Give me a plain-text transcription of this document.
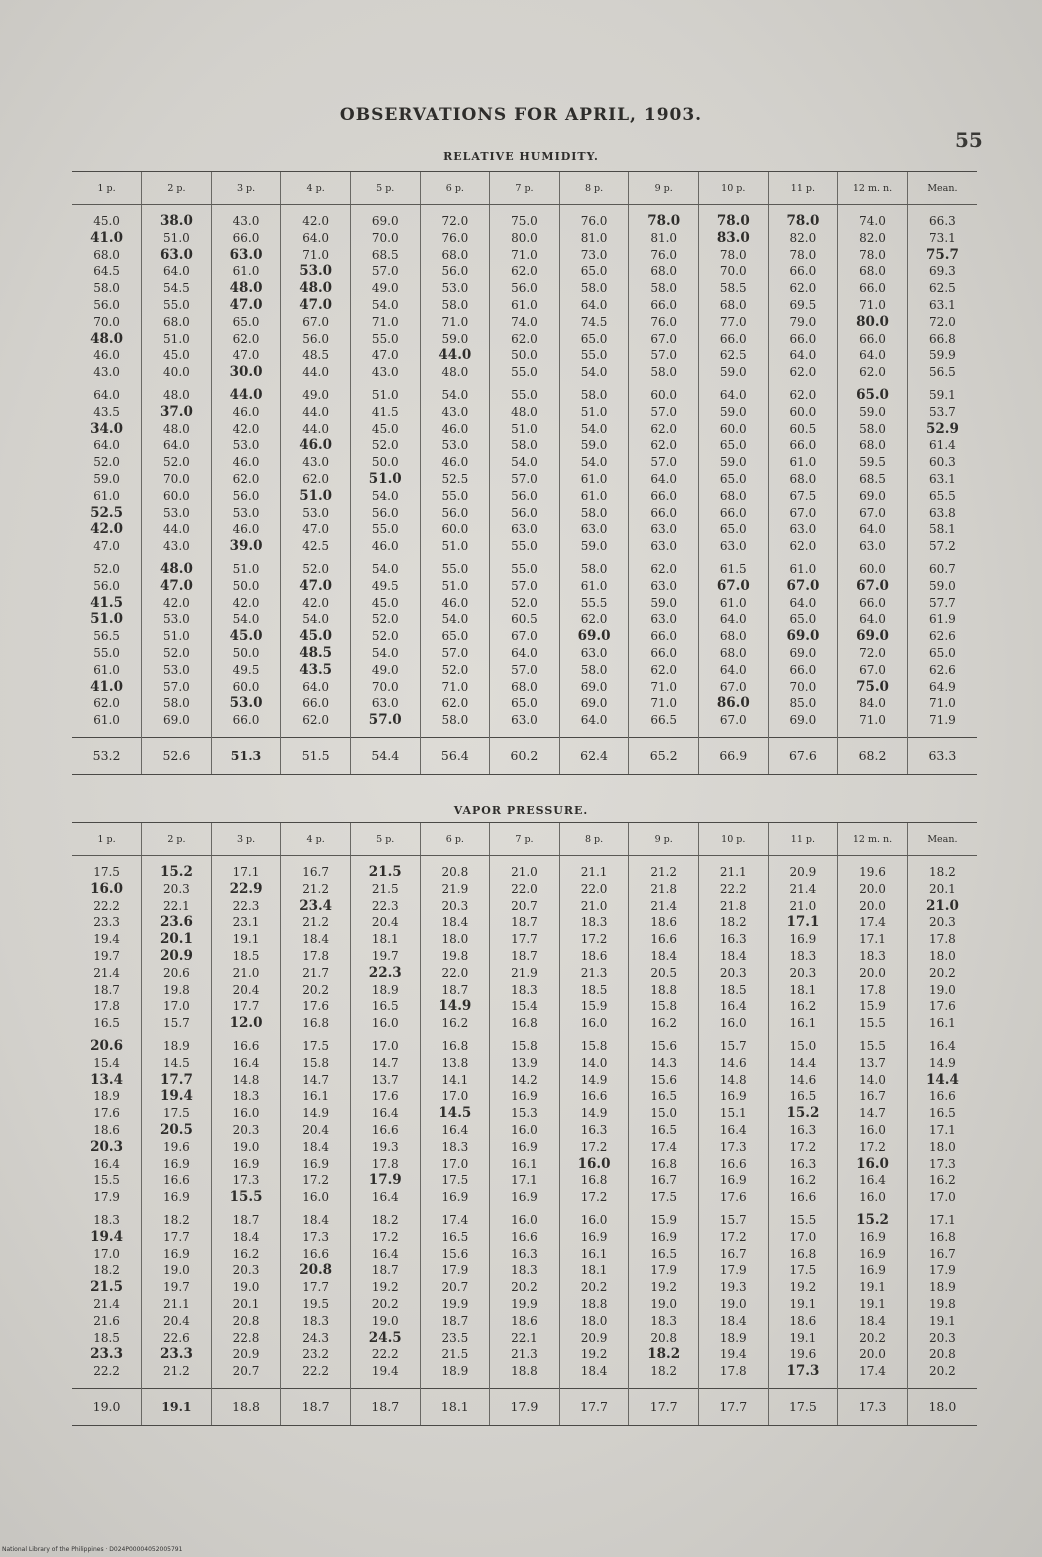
OBSERVATIONS FOR APRIL, 1903.
55
RELATIVE HUMIDITY.
1 p.	2 p.	3 p.	4 p.	5 p.	6 p.	7 p.	8 p.	9 p.	10 p.	11 p.	12 m. n.	Mean.
45.0	38.0	43.0	42.0	69.0	72.0	75.0	76.0	78.0	78.0	78.0	74.0	66.3
41.0	51.0	66.0	64.0	70.0	76.0	80.0	81.0	81.0	83.0	82.0	82.0	73.1
68.0	63.0	63.0	71.0	68.5	68.0	71.0	73.0	76.0	78.0	78.0	78.0	75.7
64.5	64.0	61.0	53.0	57.0	56.0	62.0	65.0	68.0	70.0	66.0	68.0	69.3
58.0	54.5	48.0	48.0	49.0	53.0	56.0	58.0	58.0	58.5	62.0	66.0	62.5
56.0	55.0	47.0	47.0	54.0	58.0	61.0	64.0	66.0	68.0	69.5	71.0	63.1
70.0	68.0	65.0	67.0	71.0	71.0	74.0	74.5	76.0	77.0	79.0	80.0	72.0
48.0	51.0	62.0	56.0	55.0	59.0	62.0	65.0	67.0	66.0	66.0	66.0	66.8
46.0	45.0	47.0	48.5	47.0	44.0	50.0	55.0	57.0	62.5	64.0	64.0	59.9
43.0	40.0	30.0	44.0	43.0	48.0	55.0	54.0	58.0	59.0	62.0	62.0	56.5
64.0	48.0	44.0	49.0	51.0	54.0	55.0	58.0	60.0	64.0	62.0	65.0	59.1
43.5	37.0	46.0	44.0	41.5	43.0	48.0	51.0	57.0	59.0	60.0	59.0	53.7
34.0	48.0	42.0	44.0	45.0	46.0	51.0	54.0	62.0	60.0	60.5	58.0	52.9
64.0	64.0	53.0	46.0	52.0	53.0	58.0	59.0	62.0	65.0	66.0	68.0	61.4
52.0	52.0	46.0	43.0	50.0	46.0	54.0	54.0	57.0	59.0	61.0	59.5	60.3
59.0	70.0	62.0	62.0	51.0	52.5	57.0	61.0	64.0	65.0	68.0	68.5	63.1
61.0	60.0	56.0	51.0	54.0	55.0	56.0	61.0	66.0	68.0	67.5	69.0	65.5
52.5	53.0	53.0	53.0	56.0	56.0	56.0	58.0	66.0	66.0	67.0	67.0	63.8
42.0	44.0	46.0	47.0	55.0	60.0	63.0	63.0	63.0	65.0	63.0	64.0	58.1
47.0	43.0	39.0	42.5	46.0	51.0	55.0	59.0	63.0	63.0	62.0	63.0	57.2
52.0	48.0	51.0	52.0	54.0	55.0	55.0	58.0	62.0	61.5	61.0	60.0	60.7
56.0	47.0	50.0	47.0	49.5	51.0	57.0	61.0	63.0	67.0	67.0	67.0	59.0
41.5	42.0	42.0	42.0	45.0	46.0	52.0	55.5	59.0	61.0	64.0	66.0	57.7
51.0	53.0	54.0	54.0	52.0	54.0	60.5	62.0	63.0	64.0	65.0	64.0	61.9
56.5	51.0	45.0	45.0	52.0	65.0	67.0	69.0	66.0	68.0	69.0	69.0	62.6
55.0	52.0	50.0	48.5	54.0	57.0	64.0	63.0	66.0	68.0	69.0	72.0	65.0
61.0	53.0	49.5	43.5	49.0	52.0	57.0	58.0	62.0	64.0	66.0	67.0	62.6
41.0	57.0	60.0	64.0	70.0	71.0	68.0	69.0	71.0	67.0	70.0	75.0	64.9
62.0	58.0	53.0	66.0	63.0	62.0	65.0	69.0	71.0	86.0	85.0	84.0	71.0
61.0	69.0	66.0	62.0	57.0	58.0	63.0	64.0	66.5	67.0	69.0	71.0	71.9
53.2	52.6	51.3	51.5	54.4	56.4	60.2	62.4	65.2	66.9	67.6	68.2	63.3
VAPOR PRESSURE.
1 p.	2 p.	3 p.	4 p.	5 p.	6 p.	7 p.	8 p.	9 p.	10 p.	11 p.	12 m. n.	Mean.
17.5	15.2	17.1	16.7	21.5	20.8	21.0	21.1	21.2	21.1	20.9	19.6	18.2
16.0	20.3	22.9	21.2	21.5	21.9	22.0	22.0	21.8	22.2	21.4	20.0	20.1
22.2	22.1	22.3	23.4	22.3	20.3	20.7	21.0	21.4	21.8	21.0	20.0	21.0
23.3	23.6	23.1	21.2	20.4	18.4	18.7	18.3	18.6	18.2	17.1	17.4	20.3
19.4	20.1	19.1	18.4	18.1	18.0	17.7	17.2	16.6	16.3	16.9	17.1	17.8
19.7	20.9	18.5	17.8	19.7	19.8	18.7	18.6	18.4	18.4	18.3	18.3	18.0
21.4	20.6	21.0	21.7	22.3	22.0	21.9	21.3	20.5	20.3	20.3	20.0	20.2
18.7	19.8	20.4	20.2	18.9	18.7	18.3	18.5	18.8	18.5	18.1	17.8	19.0
17.8	17.0	17.7	17.6	16.5	14.9	15.4	15.9	15.8	16.4	16.2	15.9	17.6
16.5	15.7	12.0	16.8	16.0	16.2	16.8	16.0	16.2	16.0	16.1	15.5	16.1
20.6	18.9	16.6	17.5	17.0	16.8	15.8	15.8	15.6	15.7	15.0	15.5	16.4
15.4	14.5	16.4	15.8	14.7	13.8	13.9	14.0	14.3	14.6	14.4	13.7	14.9
13.4	17.7	14.8	14.7	13.7	14.1	14.2	14.9	15.6	14.8	14.6	14.0	14.4
18.9	19.4	18.3	16.1	17.6	17.0	16.9	16.6	16.5	16.9	16.5	16.7	16.6
17.6	17.5	16.0	14.9	16.4	14.5	15.3	14.9	15.0	15.1	15.2	14.7	16.5
18.6	20.5	20.3	20.4	16.6	16.4	16.0	16.3	16.5	16.4	16.3	16.0	17.1
20.3	19.6	19.0	18.4	19.3	18.3	16.9	17.2	17.4	17.3	17.2	17.2	18.0
16.4	16.9	16.9	16.9	17.8	17.0	16.1	16.0	16.8	16.6	16.3	16.0	17.3
15.5	16.6	17.3	17.2	17.9	17.5	17.1	16.8	16.7	16.9	16.2	16.4	16.2
17.9	16.9	15.5	16.0	16.4	16.9	16.9	17.2	17.5	17.6	16.6	16.0	17.0
18.3	18.2	18.7	18.4	18.2	17.4	16.0	16.0	15.9	15.7	15.5	15.2	17.1
19.4	17.7	18.4	17.3	17.2	16.5	16.6	16.9	16.9	17.2	17.0	16.9	16.8
17.0	16.9	16.2	16.6	16.4	15.6	16.3	16.1	16.5	16.7	16.8	16.9	16.7
18.2	19.0	20.3	20.8	18.7	17.9	18.3	18.1	17.9	17.9	17.5	16.9	17.9
21.5	19.7	19.0	17.7	19.2	20.7	20.2	20.2	19.2	19.3	19.2	19.1	18.9
21.4	21.1	20.1	19.5	20.2	19.9	19.9	18.8	19.0	19.0	19.1	19.1	19.8
21.6	20.4	20.8	18.3	19.0	18.7	18.6	18.0	18.3	18.4	18.6	18.4	19.1
18.5	22.6	22.8	24.3	24.5	23.5	22.1	20.9	20.8	18.9	19.1	20.2	20.3
23.3	23.3	20.9	23.2	22.2	21.5	21.3	19.2	18.2	19.4	19.6	20.0	20.8
22.2	21.2	20.7	22.2	19.4	18.9	18.8	18.4	18.2	17.8	17.3	17.4	20.2
19.0	19.1	18.8	18.7	18.7	18.1	17.9	17.7	17.7	17.7	17.5	17.3	18.0
National Library of the Philippines · D024P00004052005791
